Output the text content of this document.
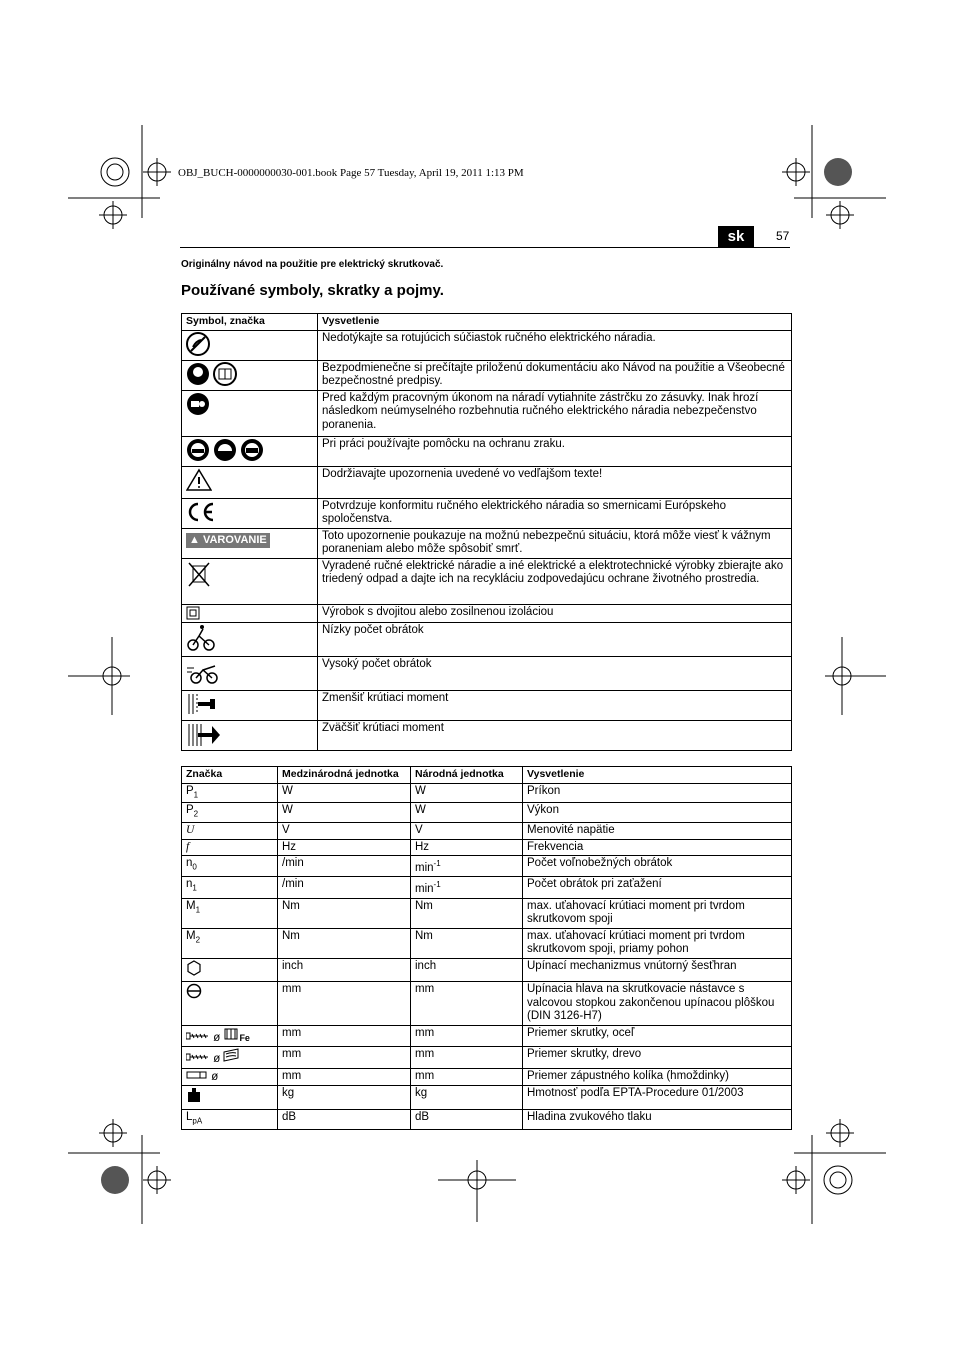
OBJ_BUCH-0000000030-001.book Page 57 Tuesday, April 19, 2011 1:13 PM
sk	57
Originálny návod na použitie pre elektrický skrutkovač.
Používané symboly, skratky a pojmy.
Symbol, značka	Vysvetlenie
	Nedotýkajte sa rotujúcich súčiastok ručného elektrického náradia.
	Bezpodmienečne si prečítajte priloženú dokumentáciu ako Návod na použitie a Všeobecné bezpečnostné predpisy.
	Pred každým pracovným úkonom na náradí vytiahnite zástrčku zo zásuvky. Inak hrozí následkom neúmyselného rozbehnutia ručného elektrického náradia nebezpečenstvo poranenia.
	Pri práci používajte pomôcku na ochranu zraku.
	Dodržiavajte upozornenia uvedené vo vedľajšom texte!
	Potvrdzuje konformitu ručného elektrického náradia so smernicami Európskeho spoločenstva.
▲ VAROVANIE	Toto upozornenie poukazuje na možnú nebezpečnú situáciu, ktorá môže viesť k vážnym poraneniam alebo môže spôsobiť smrť.
	Vyradené ručné elektrické náradie a iné elektrické a elektrotechnické výrobky zbierajte ako triedený odpad a dajte ich na recykláciu zodpovedajúcu ochrane životného prostredia.
	Výrobok s dvojitou alebo zosilnenou izoláciou
	Nízky počet obrátok
	Vysoký počet obrátok
	Zmenšiť krútiaci moment
	Zväčšiť krútiaci moment
Značka	Medzinárodná jednotka	Národná jednotka	Vysvetlenie
$P_1$	W	W	Príkon
$P_2$	W	W	Výkon
U	V	V	Menovité napätie
f	Hz	Hz	Frekvencia
$n_0$	/min	$\min^{-1}$	Počet voľnobežných obrátok
$n_1$	/min	$\min^{-1}$	Počet obrátok pri zaťažení
$M_1$	Nm	Nm	max. uťahovací krútiaci moment pri tvrdom skrutkovom spoji
$M_2$	Nm	Nm	max. uťahovací krútiaci moment pri tvrdom skrutkovom spoji, priamy pohon
	inch	inch	Upínací mechanizmus vnútorný šesťhran
	mm	mm	Upínacia hlava na skrutkovacie nástavce s valcovou stopkou zakončenou upínacou plôškou (DIN 3126-H7)
ø Fe	mm	mm	Priemer skrutky, oceľ
ø	mm	mm	Priemer skrutky, drevo
ø	mm	mm	Priemer zápustného kolíka (hmoždinky)
	kg	kg	Hmotnosť podľa EPTA-Procedure 01/2003
$L_{pA}$	dB	dB	Hladina zvukového tlaku
